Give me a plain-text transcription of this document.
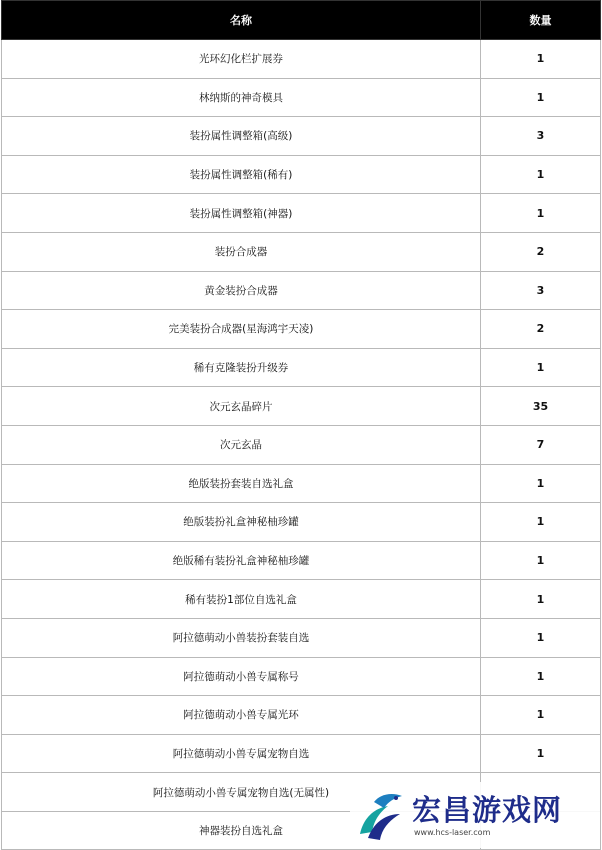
名称	数量
光环幻化栏扩展券	1
林纳斯的神奇模具	1
装扮属性调整箱(高级)	3
装扮属性调整箱(稀有)	1
装扮属性调整箱(神器)	1
装扮合成器	2
黄金装扮合成器	3
完美装扮合成器(星海鸿宇天凌)	2
稀有克隆装扮升级券	1
次元玄晶碎片	35
次元玄晶	7
绝版装扮套装自选礼盒	1
绝版装扮礼盒神秘柚珍罐	1
绝版稀有装扮礼盒神秘柚珍罐	1
稀有装扮1部位自选礼盒	1
阿拉德萌动小兽装扮套装自选	1
阿拉德萌动小兽专属称号	1
阿拉德萌动小兽专属光环	1
阿拉德萌动小兽专属宠物自选	1
阿拉德萌动小兽专属宠物自选(无属性)	
神器装扮自选礼盒	
宏昌游戏网
www.hcs-laser.com
